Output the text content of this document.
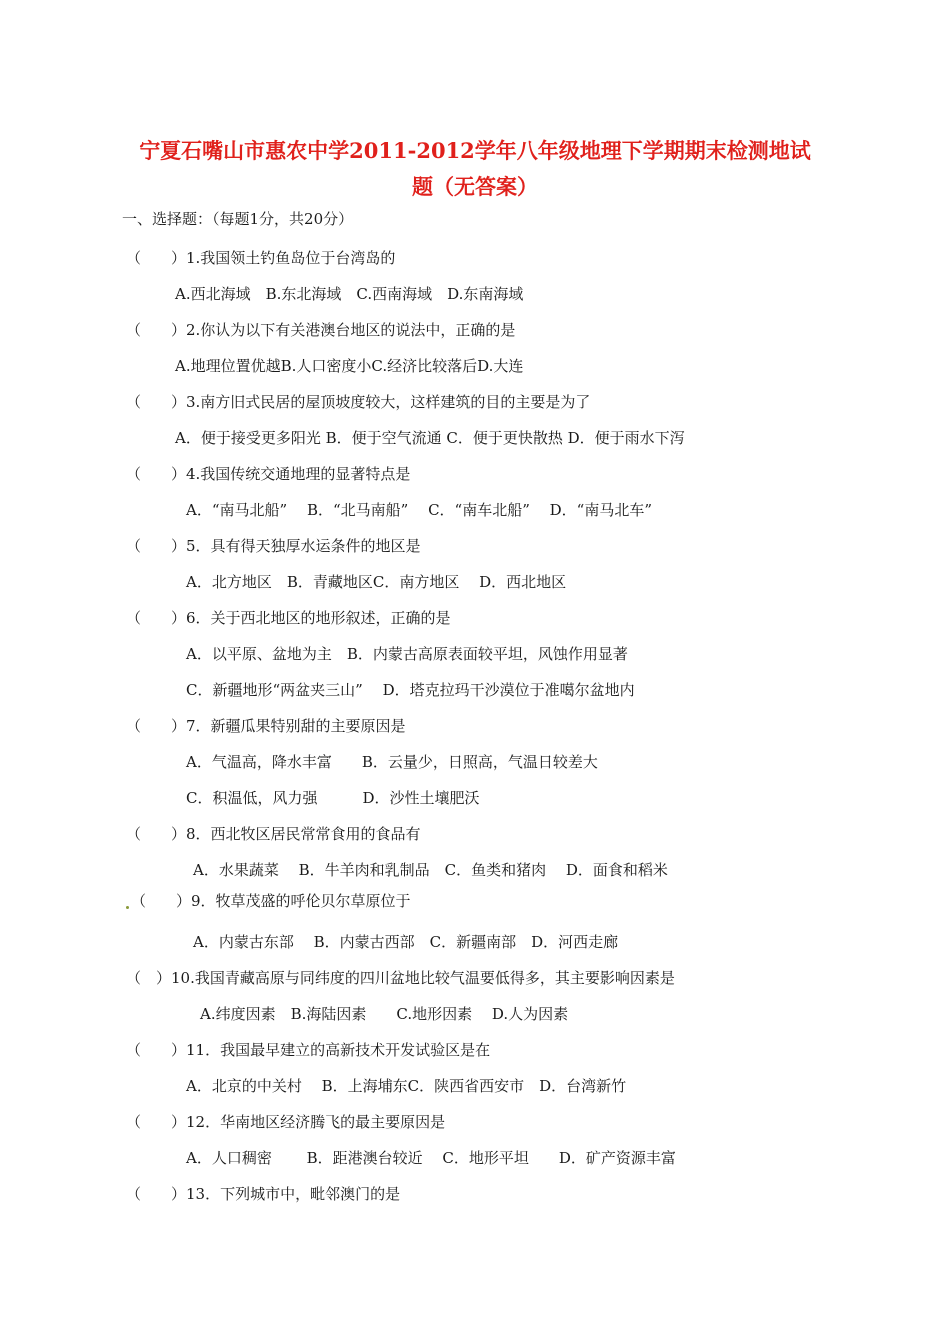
宁夏石嘴山市惠农中学2011-2012学年八年级地理下学期期末检测地试
题（无答案）
一、选择题：（每题1分，共20分）
（　　）1.我国领土钓鱼岛位于台湾岛的
A.西北海域　B.东北海域　C.西南海域　D.东南海域
（　　）2.你认为以下有关港澳台地区的说法中，正确的是
A.地理位置优越B.人口密度小C.经济比较落后D.大连
（　　）3.南方旧式民居的屋顶坡度较大，这样建筑的目的主要是为了
A．便于接受更多阳光 B．便于空气流通 C．便于更快散热 D．便于雨水下泻
（　　）4.我国传统交通地理的显著特点是
A．“南马北船”　 B．“北马南船”　 C．“南车北船”　 D．“南马北车”
（　　）5．具有得天独厚水运条件的地区是
A．北方地区　B．青藏地区C．南方地区　 D．西北地区
（　　）6．关于西北地区的地形叙述，正确的是
A．以平原、盆地为主　B．内蒙古高原表面较平坦，风蚀作用显著
C．新疆地形“两盆夹三山”　 D．塔克拉玛干沙漠位于准噶尔盆地内
（　　）7．新疆瓜果特别甜的主要原因是
A．气温高，降水丰富　　B．云量少，日照高，气温日较差大
C．积温低，风力强　　　D．沙性土壤肥沃
（　　）8．西北牧区居民常常食用的食品有
A．水果蔬菜　 B．牛羊肉和乳制品　C．鱼类和猪肉　 D．面食和稻米
（　　）9．牧草茂盛的呼伦贝尔草原位于
A．内蒙古东部　 B．内蒙古西部　C．新疆南部　D．河西走廊
（　）10.我国青藏高原与同纬度的四川盆地比较气温要低得多，其主要影响因素是
A.纬度因素　B.海陆因素　　C.地形因素　 D.人为因素
（　　）11．我国最早建立的高新技术开发试验区是在
A．北京的中关村　 B．上海埔东C．陕西省西安市　D．台湾新竹
（　　）12．华南地区经济腾飞的最主要原因是
A．人口稠密　　 B．距港澳台较近　 C．地形平坦　　D．矿产资源丰富
（　　）13．下列城市中，毗邻澳门的是
